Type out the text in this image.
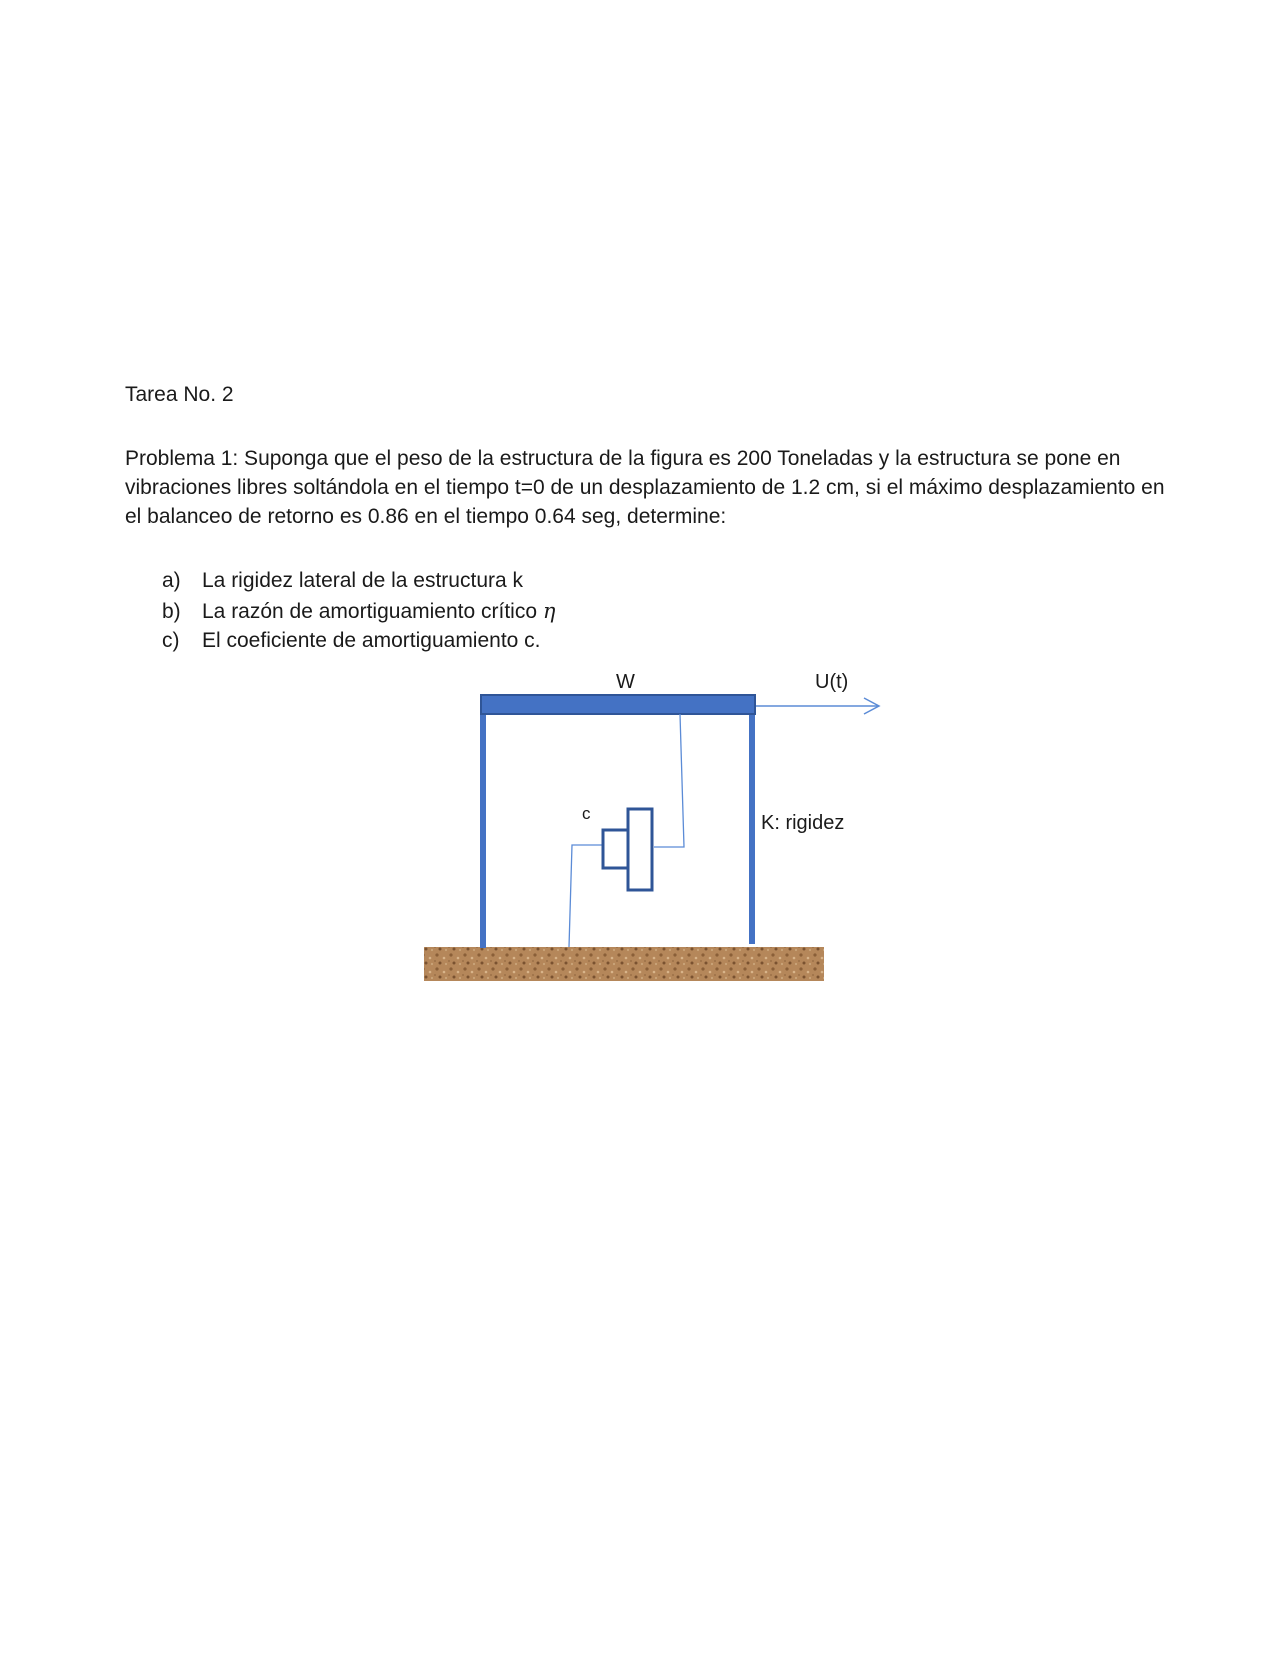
Tarea No. 2
Problema 1: Suponga que el peso de la estructura de la figura es 200 Toneladas y la estructura se pone en vibraciones libres soltándola en el tiempo t=0 de un desplazamiento de 1.2 cm, si el máximo desplazamiento en el balanceo de retorno es 0.86 en el tiempo 0.64 seg, determine:
a) La rigidez lateral de la estructura k
b) La razón de amortiguamiento crítico η
c) El coeficiente de amortiguamiento c.
W	U(t)
c	K: rigidez
